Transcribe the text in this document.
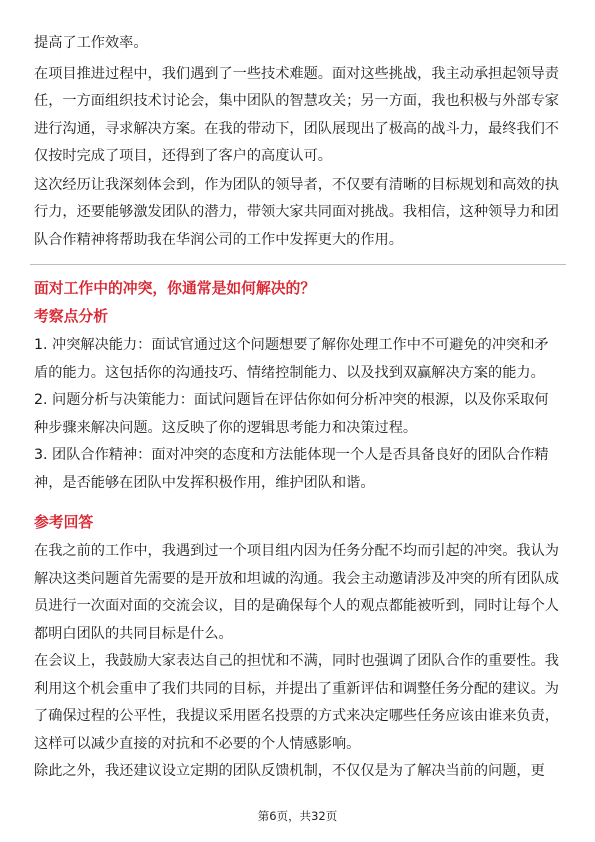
提高了工作效率。

在项目推进过程中，我们遇到了一些技术难题。面对这些挑战，我主动承担起领导责任，一方面组织技术讨论会，集中团队的智慧攻关；另一方面，我也积极与外部专家进行沟通，寻求解决方案。在我的带动下，团队展现出了极高的战斗力，最终我们不仅按时完成了项目，还得到了客户的高度认可。

这次经历让我深刻体会到，作为团队的领导者，不仅要有清晰的目标规划和高效的执行力，还要能够激发团队的潜力，带领大家共同面对挑战。我相信，这种领导力和团队合作精神将帮助我在华润公司的工作中发挥更大的作用。

面对工作中的冲突，你通常是如何解决的？
考察点分析

1. 冲突解决能力：面试官通过这个问题想要了解你处理工作中不可避免的冲突和矛盾的能力。这包括你的沟通技巧、情绪控制能力、以及找到双赢解决方案的能力。

2. 问题分析与决策能力：面试问题旨在评估你如何分析冲突的根源，以及你采取何种步骤来解决问题。这反映了你的逻辑思考能力和决策过程。

3. 团队合作精神：面对冲突的态度和方法能体现一个人是否具备良好的团队合作精神，是否能够在团队中发挥积极作用，维护团队和谐。

参考回答

在我之前的工作中，我遇到过一个项目组内因为任务分配不均而引起的冲突。我认为解决这类问题首先需要的是开放和坦诚的沟通。我会主动邀请涉及冲突的所有团队成员进行一次面对面的交流会议，目的是确保每个人的观点都能被听到，同时让每个人都明白团队的共同目标是什么。

在会议上，我鼓励大家表达自己的担忧和不满，同时也强调了团队合作的重要性。我利用这个机会重申了我们共同的目标，并提出了重新评估和调整任务分配的建议。为了确保过程的公平性，我提议采用匿名投票的方式来决定哪些任务应该由谁来负责，这样可以减少直接的对抗和不必要的个人情感影响。

除此之外，我还建议设立定期的团队反馈机制，不仅仅是为了解决当前的问题，更

第6页，共32页
